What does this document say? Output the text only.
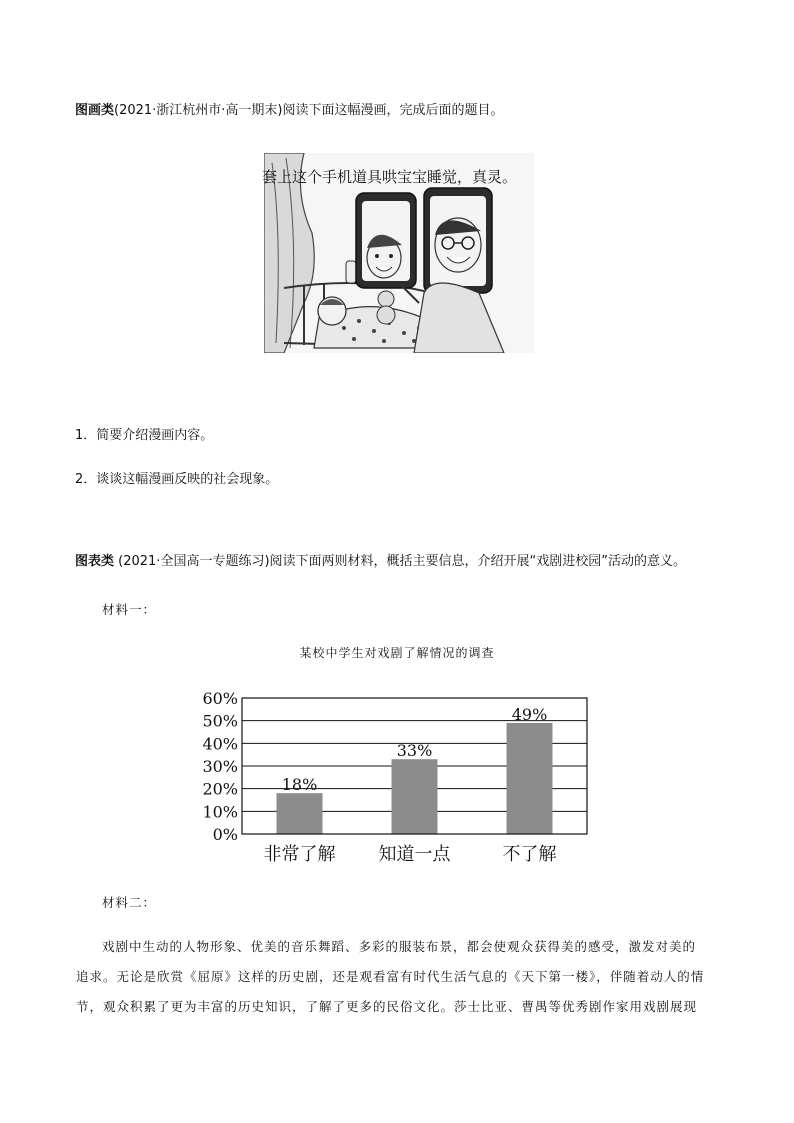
图画类(2021·浙江杭州市·高一期末)阅读下面这幅漫画，完成后面的题目。
套上这个手机道具哄宝宝睡觉，真灵。
1．简要介绍漫画内容。
2．谈谈这幅漫画反映的社会现象。
图表类 (2021·全国高一专题练习)阅读下面两则材料，概括主要信息，介绍开展“戏剧进校园”活动的意义。
材料一：
某校中学生对戏剧了解情况的调查
0%
10%
20%
30%
40%
50%
60%
18%
33%
49%
非常了解 知道一点	不了解
材料二：
戏剧中生动的人物形象、优美的音乐舞蹈、多彩的服装布景，都会使观众获得美的感受，激发对美的
追求。无论是欣赏《屈原》这样的历史剧，还是观看富有时代生活气息的《天下第一楼》，伴随着动人的情
节，观众积累了更为丰富的历史知识，了解了更多的民俗文化。莎士比亚、曹禺等优秀剧作家用戏剧展现
